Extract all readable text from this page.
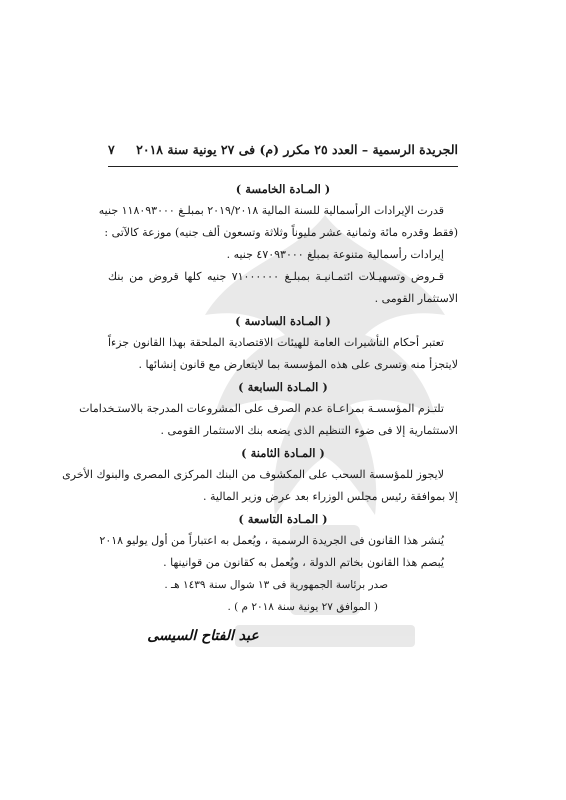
الجريدة الرسمية – العدد ٢٥ مكرر (م) فى ٢٧ يونية سنة ٢٠١٨
٧
( المـادة الخامسة )
قدرت الإيرادات الرأسمالية للسنة المالية ٢٠١٩/٢٠١٨ بمبلـغ ١١٨٠٩٣٠٠٠ جنيه
(فقط وقدره مائة وثمانية عشر مليوناً وثلاثة وتسعون ألف جنيه) موزعة كالآتى :
إيرادات رأسمالية متنوعة بمبلغ ٤٧٠٩٣٠٠٠ جنيه .
قـروض وتسهيـلات ائتمـانيـة بمبلـغ ٧١٠٠٠٠٠٠ جنيه كلها قروض من بنك
الاستثمار القومى .
( المـادة السادسة )
تعتبر أحكام التأشيرات العامة للهيئات الاقتصادية الملحقة بهذا القانون جزءاً
لايتجزأ منه وتسرى على هذه المؤسسة بما لايتعارض مع قانون إنشائها .
( المـادة السابعة )
تلتـزم المؤسسـة بمراعـاة عدم الصرف على المشروعات المدرجة بالاستـخدامات
الاستثمارية إلا فى ضوء التنظيم الذى يضعه بنك الاستثمار القومى .
( المـادة الثامنة )
لايجوز للمؤسسة السحب على المكشوف من البنك المركزى المصرى والبنوك الأخرى
إلا بموافقة رئيس مجلس الوزراء بعد عرض وزير المالية .
( المـادة التاسعة )
يُنشر هذا القانون فى الجريدة الرسمية ، ويُعمل به اعتباراً من أول يوليو ٢٠١٨
يُبصم هذا القانون بخاتم الدولة ، ويُعمل به كقانون من قوانينها .
صدر برئاسة الجمهورية فى ١٣ شوال سنة ١٤٣٩ هـ .
( الموافق ٢٧ يونية سنة ٢٠١٨ م ) .
عبد الفتاح السيسى
